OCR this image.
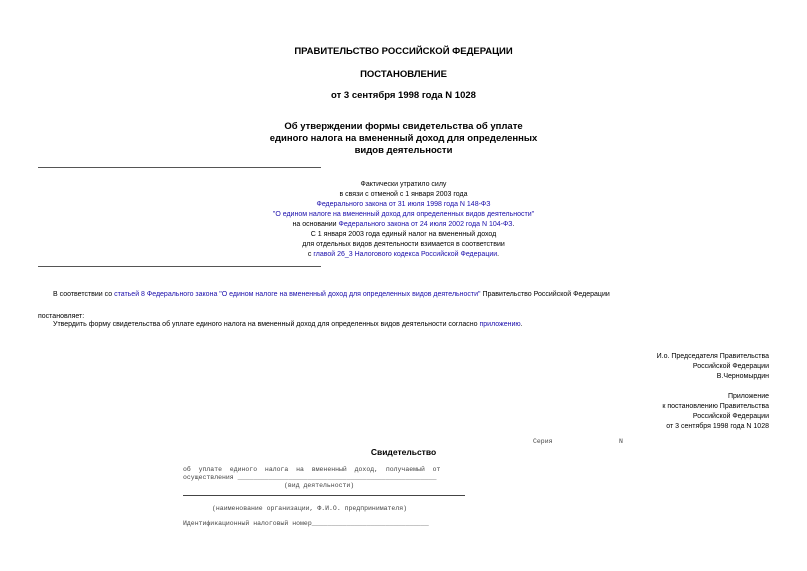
ПРАВИТЕЛЬСТВО РОССИЙСКОЙ ФЕДЕРАЦИИ
ПОСТАНОВЛЕНИЕ
от 3 сентября 1998 года N 1028
Об утверждении формы свидетельства об уплате
единого налога на вмененный доход для определенных
видов деятельности
Фактически утратило силу
в связи с отменой с 1 января 2003 года
Федерального закона от 31 июля 1998 года N 148-ФЗ
"О едином налоге на вмененный доход для определенных видов деятельности"
на основании Федерального закона от 24 июля 2002 года N 104-ФЗ.
С 1 января 2003 года единый налог на вмененный доход
для отдельных видов деятельности взимается в соответствии
с главой 26_3 Налогового кодекса Российской Федерации.
В соответствии со статьей 8 Федерального закона "О едином налоге на вмененный доход для определенных видов деятельности" Правительство Российской Федерации
постановляет:
Утвердить форму свидетельства об уплате единого налога на вмененный доход для определенных видов деятельности согласно приложению.
И.о. Председателя Правительства
Российской Федерации
В.Черномырдин
Приложение
к постановлению Правительства
Российской Федерации
от 3 сентября 1998 года N 1028
Серия	N
Свидетельство
об  уплате  единого  налога  на  вмененный  доход,  получаемый  от
осуществления ___________________________________________________
(вид деятельности)
(наименование организации, Ф.И.О. предпринимателя)
Идентификационный налоговый номер______________________________
